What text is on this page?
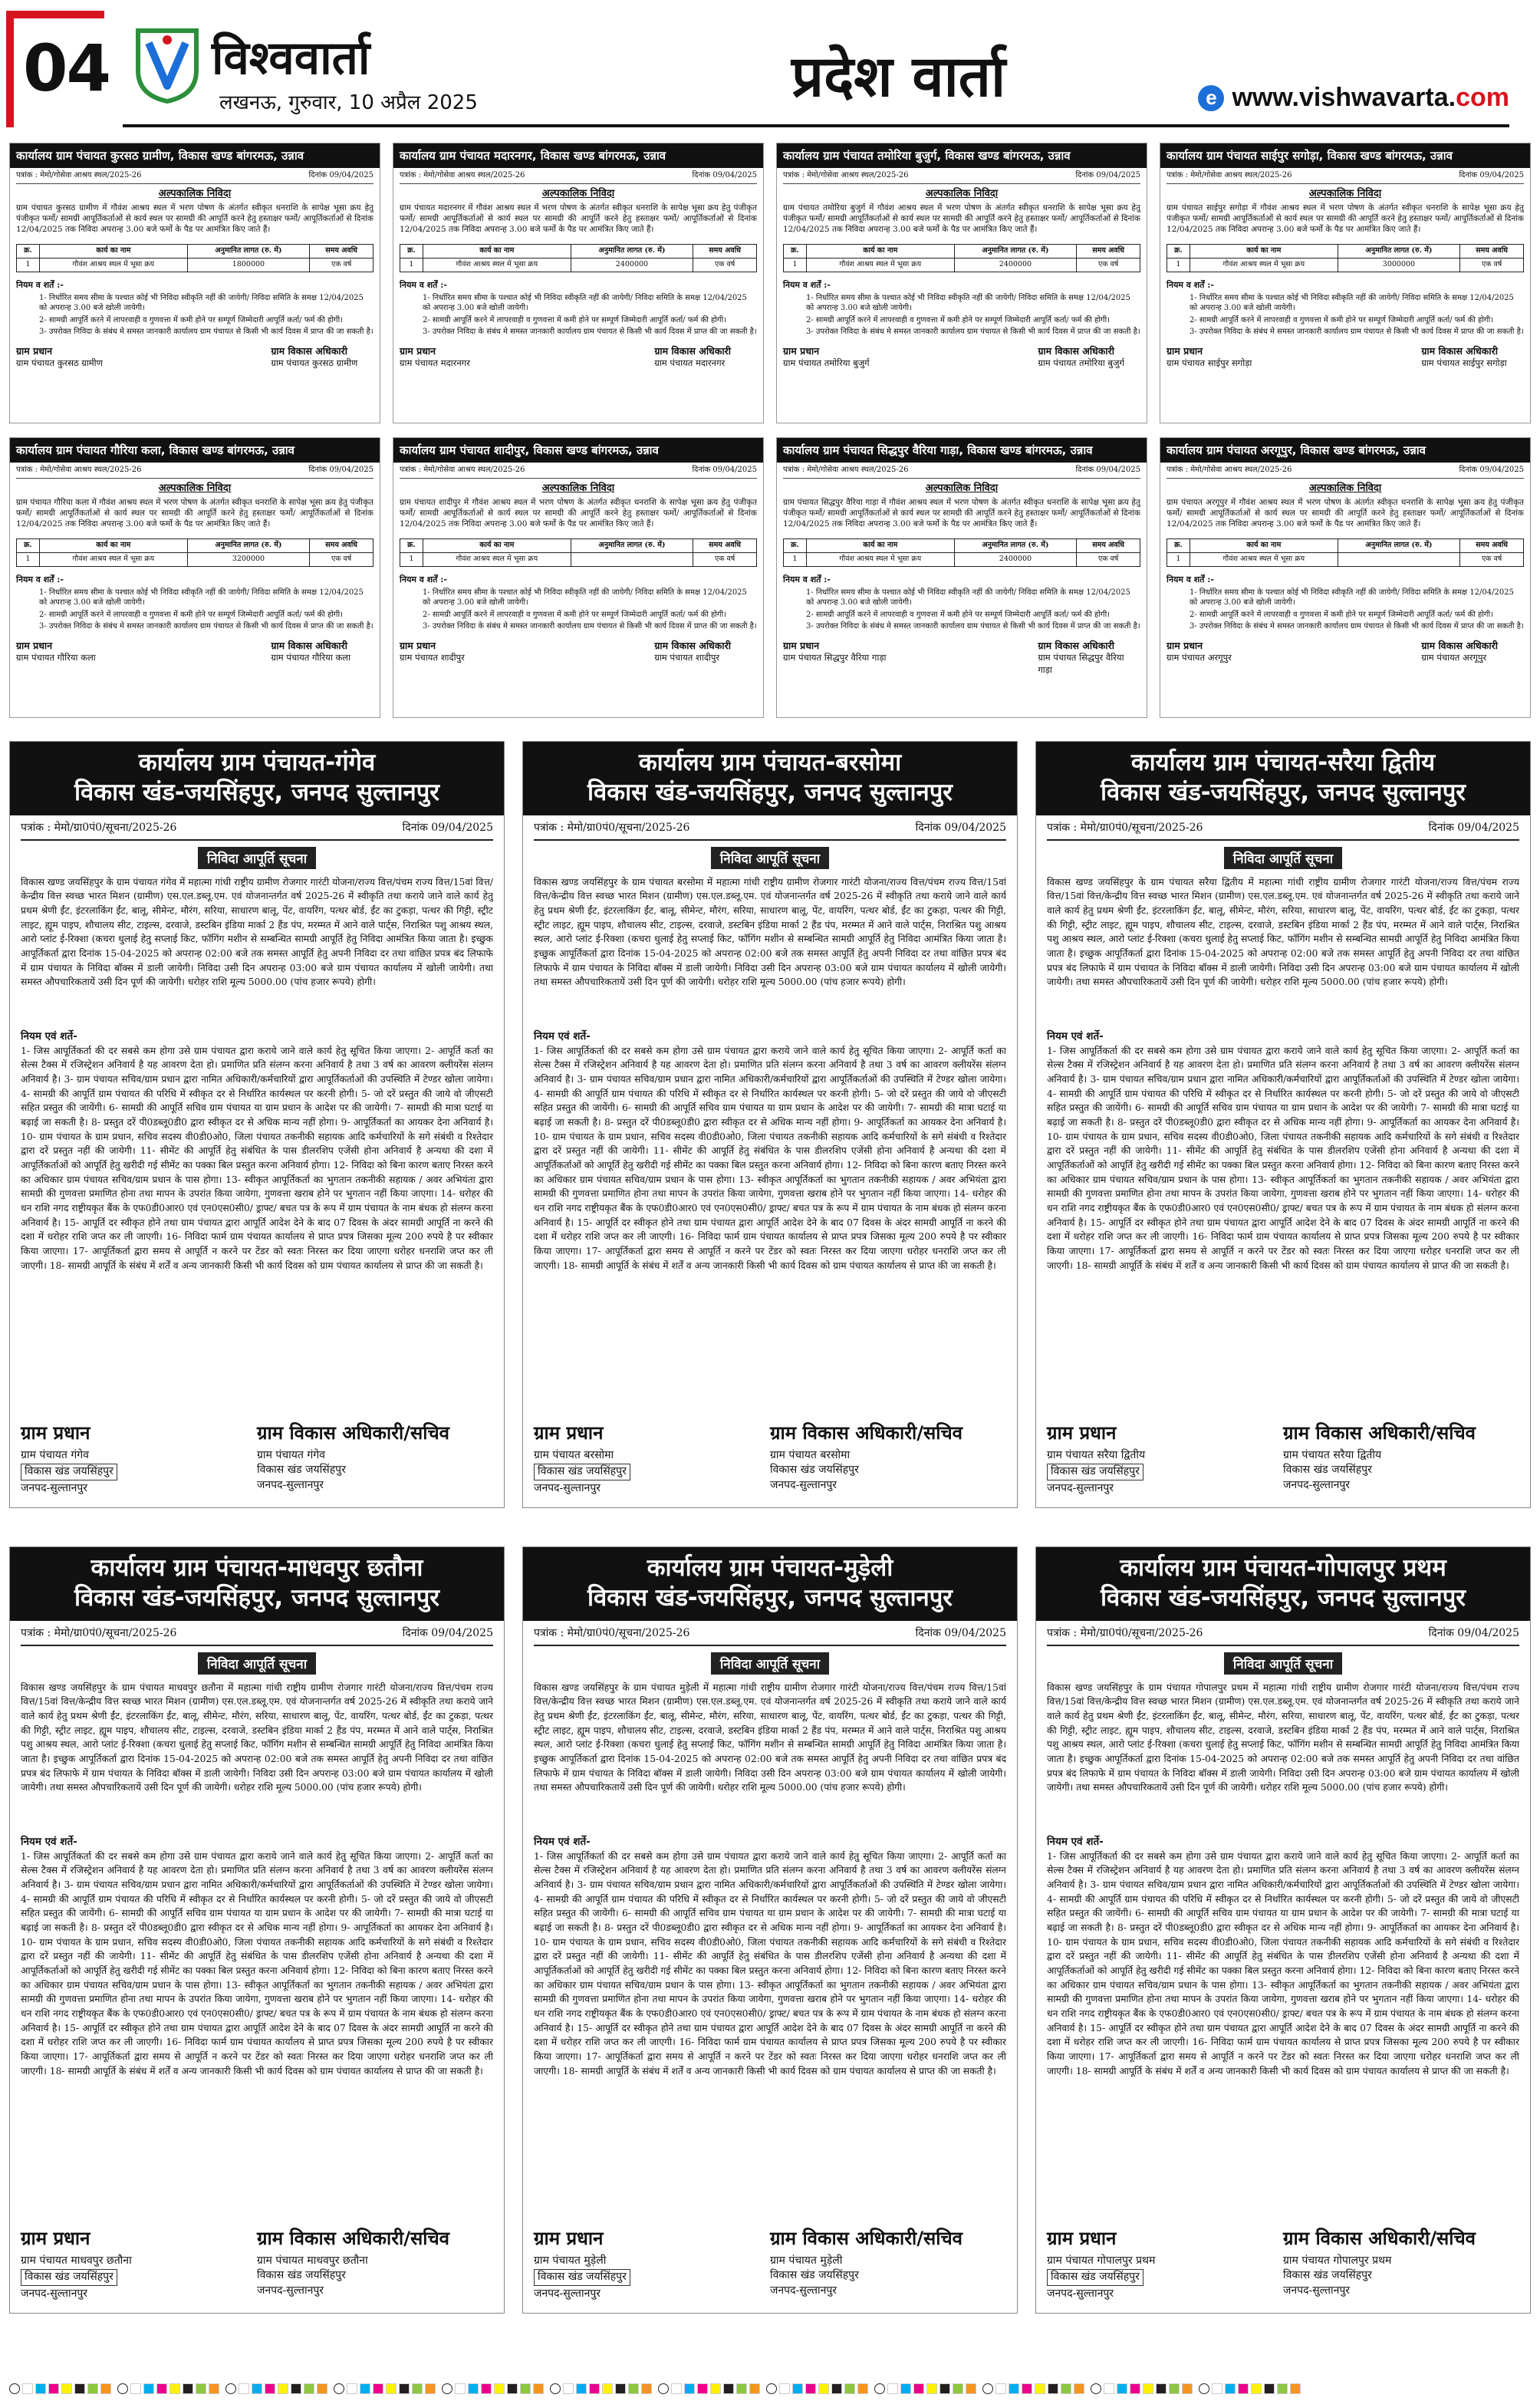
04 विश्ववार्ता
लखनऊ, गुरुवार, 10 अप्रैल 2025	प्रदेश वार्ता	e www.vishwavarta.com
कार्यालय ग्राम पंचायत कुरसठ ग्रामीण, विकास खण्ड बांगरमऊ, उन्नाव
पत्रांक : मेमो/गोसेवा आश्रय स्थल/2025-26	दिनांक 09/04/2025
अल्पकालिक निविदा
ग्राम पंचायत कुरसठ ग्रामीण में गौवंश आश्रय स्थल में भरण पोषण के अंतर्गत स्वीकृत धनराशि के सापेक्ष भूसा क्रय हेतु पंजीकृत फर्मो/ सामग्री आपूर्तिकर्ताओं से कार्य स्थल पर सामग्री की आपूर्ति करने हेतु हस्ताक्षर फर्मो/ आपूर्तिकर्ताओं से दिनांक 12/04/2025 तक निविदा अपरान्ह 3.00 बजे फर्मो के पैड पर आमंत्रित किए जाते हैं।
क्र.	कार्य का नाम	अनुमानित लागत (रु. में)	समय अवधि
1	गौवंश आश्रय स्थल में भूसा क्रय	1800000	एक वर्ष
नियम व शर्तें :-
1- निर्धारित समय सीमा के पश्चात कोई भी निविदा स्वीकृति नहीं की जायेगी/ निविदा समिति के समक्ष 12/04/2025 को अपरान्ह 3.00 बजे खोली जायेगी।
2- सामग्री आपूर्ति करने में लापरवाही व गुणवत्ता में कमी होने पर सम्पूर्ण जिम्मेदारी आपूर्ति कर्ता/ फर्म की होगी।
3- उपरोक्त निविदा के संबंध मे समस्त जानकारी कार्यालय ग्राम पंचायत से किसी भी कार्य दिवस में प्राप्त की जा सकती है।
ग्राम प्रधान
ग्राम पंचायत कुरसठ ग्रामीण
ग्राम विकास अधिकारी
ग्राम पंचायत कुरसठ ग्रामीण
कार्यालय ग्राम पंचायत मदारनगर, विकास खण्ड बांगरमऊ, उन्नाव
पत्रांक : मेमो/गोसेवा आश्रय स्थल/2025-26	दिनांक 09/04/2025
अल्पकालिक निविदा
ग्राम पंचायत मदारनगर में गौवंश आश्रय स्थल में भरण पोषण के अंतर्गत स्वीकृत धनराशि के सापेक्ष भूसा क्रय हेतु पंजीकृत फर्मो/ सामग्री आपूर्तिकर्ताओं से कार्य स्थल पर सामग्री की आपूर्ति करने हेतु हस्ताक्षर फर्मो/ आपूर्तिकर्ताओं से दिनांक 12/04/2025 तक निविदा अपरान्ह 3.00 बजे फर्मो के पैड पर आमंत्रित किए जाते हैं।
क्र.	कार्य का नाम	अनुमानित लागत (रु. में)	समय अवधि
1	गौवंश आश्रय स्थल में भूसा क्रय	2400000	एक वर्ष
नियम व शर्तें :-
1- निर्धारित समय सीमा के पश्चात कोई भी निविदा स्वीकृति नहीं की जायेगी/ निविदा समिति के समक्ष 12/04/2025 को अपरान्ह 3.00 बजे खोली जायेगी।
2- सामग्री आपूर्ति करने में लापरवाही व गुणवत्ता में कमी होने पर सम्पूर्ण जिम्मेदारी आपूर्ति कर्ता/ फर्म की होगी।
3- उपरोक्त निविदा के संबंध मे समस्त जानकारी कार्यालय ग्राम पंचायत से किसी भी कार्य दिवस में प्राप्त की जा सकती है।
ग्राम प्रधान
ग्राम पंचायत मदारनगर
ग्राम विकास अधिकारी
ग्राम पंचायत मदारनगर
कार्यालय ग्राम पंचायत तमोरिया बुजुर्ग, विकास खण्ड बांगरमऊ, उन्नाव
पत्रांक : मेमो/गोसेवा आश्रय स्थल/2025-26	दिनांक 09/04/2025
अल्पकालिक निविदा
ग्राम पंचायत तमोरिया बुजुर्ग में गौवंश आश्रय स्थल में भरण पोषण के अंतर्गत स्वीकृत धनराशि के सापेक्ष भूसा क्रय हेतु पंजीकृत फर्मो/ सामग्री आपूर्तिकर्ताओं से कार्य स्थल पर सामग्री की आपूर्ति करने हेतु हस्ताक्षर फर्मो/ आपूर्तिकर्ताओं से दिनांक 12/04/2025 तक निविदा अपरान्ह 3.00 बजे फर्मो के पैड पर आमंत्रित किए जाते हैं।
क्र.	कार्य का नाम	अनुमानित लागत (रु. में)	समय अवधि
1	गौवंश आश्रय स्थल में भूसा क्रय	2400000	एक वर्ष
नियम व शर्तें :-
1- निर्धारित समय सीमा के पश्चात कोई भी निविदा स्वीकृति नहीं की जायेगी/ निविदा समिति के समक्ष 12/04/2025 को अपरान्ह 3.00 बजे खोली जायेगी।
2- सामग्री आपूर्ति करने में लापरवाही व गुणवत्ता में कमी होने पर सम्पूर्ण जिम्मेदारी आपूर्ति कर्ता/ फर्म की होगी।
3- उपरोक्त निविदा के संबंध मे समस्त जानकारी कार्यालय ग्राम पंचायत से किसी भी कार्य दिवस में प्राप्त की जा सकती है।
ग्राम प्रधान
ग्राम पंचायत तमोरिया बुजुर्ग
ग्राम विकास अधिकारी
ग्राम पंचायत तमोरिया बुजुर्ग
कार्यालय ग्राम पंचायत साईपुर सगोड़ा, विकास खण्ड बांगरमऊ, उन्नाव
पत्रांक : मेमो/गोसेवा आश्रय स्थल/2025-26	दिनांक 09/04/2025
अल्पकालिक निविदा
ग्राम पंचायत साईपुर सगोड़ा में गौवंश आश्रय स्थल में भरण पोषण के अंतर्गत स्वीकृत धनराशि के सापेक्ष भूसा क्रय हेतु पंजीकृत फर्मो/ सामग्री आपूर्तिकर्ताओं से कार्य स्थल पर सामग्री की आपूर्ति करने हेतु हस्ताक्षर फर्मो/ आपूर्तिकर्ताओं से दिनांक 12/04/2025 तक निविदा अपरान्ह 3.00 बजे फर्मो के पैड पर आमंत्रित किए जाते हैं।
क्र.	कार्य का नाम	अनुमानित लागत (रु. में)	समय अवधि
1	गौवंश आश्रय स्थल में भूसा क्रय	3000000	एक वर्ष
नियम व शर्तें :-
1- निर्धारित समय सीमा के पश्चात कोई भी निविदा स्वीकृति नहीं की जायेगी/ निविदा समिति के समक्ष 12/04/2025 को अपरान्ह 3.00 बजे खोली जायेगी।
2- सामग्री आपूर्ति करने में लापरवाही व गुणवत्ता में कमी होने पर सम्पूर्ण जिम्मेदारी आपूर्ति कर्ता/ फर्म की होगी।
3- उपरोक्त निविदा के संबंध मे समस्त जानकारी कार्यालय ग्राम पंचायत से किसी भी कार्य दिवस में प्राप्त की जा सकती है।
ग्राम प्रधान
ग्राम पंचायत साईपुर सगोड़ा
ग्राम विकास अधिकारी
ग्राम पंचायत साईपुर सगोड़ा
कार्यालय ग्राम पंचायत गौरिया कला, विकास खण्ड बांगरमऊ, उन्नाव
पत्रांक : मेमो/गोसेवा आश्रय स्थल/2025-26	दिनांक 09/04/2025
अल्पकालिक निविदा
ग्राम पंचायत गौरिया कला में गौवंश आश्रय स्थल में भरण पोषण के अंतर्गत स्वीकृत धनराशि के सापेक्ष भूसा क्रय हेतु पंजीकृत फर्मो/ सामग्री आपूर्तिकर्ताओं से कार्य स्थल पर सामग्री की आपूर्ति करने हेतु हस्ताक्षर फर्मो/ आपूर्तिकर्ताओं से दिनांक 12/04/2025 तक निविदा अपरान्ह 3.00 बजे फर्मो के पैड पर आमंत्रित किए जाते हैं।
क्र.	कार्य का नाम	अनुमानित लागत (रु. में)	समय अवधि
1	गौवंश आश्रय स्थल में भूसा क्रय	3200000	एक वर्ष
नियम व शर्तें :-
1- निर्धारित समय सीमा के पश्चात कोई भी निविदा स्वीकृति नहीं की जायेगी/ निविदा समिति के समक्ष 12/04/2025 को अपरान्ह 3.00 बजे खोली जायेगी।
2- सामग्री आपूर्ति करने में लापरवाही व गुणवत्ता में कमी होने पर सम्पूर्ण जिम्मेदारी आपूर्ति कर्ता/ फर्म की होगी।
3- उपरोक्त निविदा के संबंध मे समस्त जानकारी कार्यालय ग्राम पंचायत से किसी भी कार्य दिवस में प्राप्त की जा सकती है।
ग्राम प्रधान
ग्राम पंचायत गौरिया कला
ग्राम विकास अधिकारी
ग्राम पंचायत गौरिया कला
कार्यालय ग्राम पंचायत शादीपुर, विकास खण्ड बांगरमऊ, उन्नाव
पत्रांक : मेमो/गोसेवा आश्रय स्थल/2025-26	दिनांक 09/04/2025
अल्पकालिक निविदा
ग्राम पंचायत शादीपुर में गौवंश आश्रय स्थल में भरण पोषण के अंतर्गत स्वीकृत धनराशि के सापेक्ष भूसा क्रय हेतु पंजीकृत फर्मो/ सामग्री आपूर्तिकर्ताओं से कार्य स्थल पर सामग्री की आपूर्ति करने हेतु हस्ताक्षर फर्मो/ आपूर्तिकर्ताओं से दिनांक 12/04/2025 तक निविदा अपरान्ह 3.00 बजे फर्मो के पैड पर आमंत्रित किए जाते हैं।
क्र.	कार्य का नाम	अनुमानित लागत (रु. में)	समय अवधि
1	गौवंश आश्रय स्थल में भूसा क्रय		एक वर्ष
नियम व शर्तें :-
1- निर्धारित समय सीमा के पश्चात कोई भी निविदा स्वीकृति नहीं की जायेगी/ निविदा समिति के समक्ष 12/04/2025 को अपरान्ह 3.00 बजे खोली जायेगी।
2- सामग्री आपूर्ति करने में लापरवाही व गुणवत्ता में कमी होने पर सम्पूर्ण जिम्मेदारी आपूर्ति कर्ता/ फर्म की होगी।
3- उपरोक्त निविदा के संबंध मे समस्त जानकारी कार्यालय ग्राम पंचायत से किसी भी कार्य दिवस में प्राप्त की जा सकती है।
ग्राम प्रधान
ग्राम पंचायत शादीपुर
ग्राम विकास अधिकारी
ग्राम पंचायत शादीपुर
कार्यालय ग्राम पंचायत सिद्धपुर वैरिया गाड़ा, विकास खण्ड बांगरमऊ, उन्नाव
पत्रांक : मेमो/गोसेवा आश्रय स्थल/2025-26	दिनांक 09/04/2025
अल्पकालिक निविदा
ग्राम पंचायत सिद्धपुर वैरिया गाड़ा में गौवंश आश्रय स्थल में भरण पोषण के अंतर्गत स्वीकृत धनराशि के सापेक्ष भूसा क्रय हेतु पंजीकृत फर्मो/ सामग्री आपूर्तिकर्ताओं से कार्य स्थल पर सामग्री की आपूर्ति करने हेतु हस्ताक्षर फर्मो/ आपूर्तिकर्ताओं से दिनांक 12/04/2025 तक निविदा अपरान्ह 3.00 बजे फर्मो के पैड पर आमंत्रित किए जाते हैं।
क्र.	कार्य का नाम	अनुमानित लागत (रु. में)	समय अवधि
1	गौवंश आश्रय स्थल में भूसा क्रय	2400000	एक वर्ष
नियम व शर्तें :-
1- निर्धारित समय सीमा के पश्चात कोई भी निविदा स्वीकृति नहीं की जायेगी/ निविदा समिति के समक्ष 12/04/2025 को अपरान्ह 3.00 बजे खोली जायेगी।
2- सामग्री आपूर्ति करने में लापरवाही व गुणवत्ता में कमी होने पर सम्पूर्ण जिम्मेदारी आपूर्ति कर्ता/ फर्म की होगी।
3- उपरोक्त निविदा के संबंध मे समस्त जानकारी कार्यालय ग्राम पंचायत से किसी भी कार्य दिवस में प्राप्त की जा सकती है।
ग्राम प्रधान
ग्राम पंचायत सिद्धपुर वैरिया गाड़ा
ग्राम विकास अधिकारी
ग्राम पंचायत सिद्धपुर वैरिया गाड़ा
कार्यालय ग्राम पंचायत अरगूपुर, विकास खण्ड बांगरमऊ, उन्नाव
पत्रांक : मेमो/गोसेवा आश्रय स्थल/2025-26	दिनांक 09/04/2025
अल्पकालिक निविदा
ग्राम पंचायत अरगूपुर में गौवंश आश्रय स्थल में भरण पोषण के अंतर्गत स्वीकृत धनराशि के सापेक्ष भूसा क्रय हेतु पंजीकृत फर्मो/ सामग्री आपूर्तिकर्ताओं से कार्य स्थल पर सामग्री की आपूर्ति करने हेतु हस्ताक्षर फर्मो/ आपूर्तिकर्ताओं से दिनांक 12/04/2025 तक निविदा अपरान्ह 3.00 बजे फर्मो के पैड पर आमंत्रित किए जाते हैं।
क्र.	कार्य का नाम	अनुमानित लागत (रु. में)	समय अवधि
1	गौवंश आश्रय स्थल में भूसा क्रय		एक वर्ष
नियम व शर्तें :-
1- निर्धारित समय सीमा के पश्चात कोई भी निविदा स्वीकृति नहीं की जायेगी/ निविदा समिति के समक्ष 12/04/2025 को अपरान्ह 3.00 बजे खोली जायेगी।
2- सामग्री आपूर्ति करने में लापरवाही व गुणवत्ता में कमी होने पर सम्पूर्ण जिम्मेदारी आपूर्ति कर्ता/ फर्म की होगी।
3- उपरोक्त निविदा के संबंध मे समस्त जानकारी कार्यालय ग्राम पंचायत से किसी भी कार्य दिवस में प्राप्त की जा सकती है।
ग्राम प्रधान
ग्राम पंचायत अरगूपुर
ग्राम विकास अधिकारी
ग्राम पंचायत अरगूपुर
कार्यालय ग्राम पंचायत-गंगेव
विकास खंड-जयसिंहपुर, जनपद सुल्तानपुर
पत्रांक : मेमो/ग्रा0पं0/सूचना/2025-26	दिनांक 09/04/2025
निविदा आपूर्ति सूचना
विकास खण्ड जयसिंहपुर के ग्राम पंचायत गंगेव में महात्मा गांधी राष्ट्रीय ग्रामीण रोजगार गारंटी योजना/राज्य वित्त/पंचम राज्य वित्त/15वां वित्त/केन्द्रीय वित्त स्वच्छ भारत मिशन (ग्रामीण) एस.एल.डब्लू.एम. एवं योजनान्तर्गत वर्ष 2025-26 में स्वीकृति तथा कराये जाने वाले कार्य हेतु प्रथम श्रेणी ईंट, इंटरलाकिंग ईंट, बालू, सीमेन्ट, मौरंग, सरिया, साधारण बालू, पेंट, वायरिंग, पत्थर बोर्ड, ईंट का टुकड़ा, पत्थर की गिट्टी, स्ट्रीट लाइट, ह्यूम पाइप, शौचालय सीट, टाइल्स, दरवाजे, डस्टबिन इंडिया मार्का 2 हैंड पंप, मरम्मत में आने वाले पार्ट्स, निराश्रित पशु आश्रय स्थल, आरो प्लांट ई-रिक्शा (कचरा धुलाई हेतु सप्लाई किट, फॉगिंग मशीन से सम्बन्धित सामग्री आपूर्ति हेतु निविदा आमंत्रित किया जाता है। इच्छुक आपूर्तिकर्ता द्वारा दिनांक 15-04-2025 को अपरान्ह 02:00 बजे तक समस्त आपूर्ति हेतु अपनी निविदा दर तथा वांछित प्रपत्र बंद लिफाफे में ग्राम पंचायत के निविदा बॉक्स में डाली जायेगी। निविदा उसी दिन अपरान्ह 03:00 बजे ग्राम पंचायत कार्यालय में खोली जायेगी। तथा समस्त औपचारिकतायें उसी दिन पूर्ण की जायेगी। धरोहर राशि मूल्य 5000.00 (पांच हजार रूपये) होगी।
नियम एवं शर्ते-
1- जिस आपूर्तिकर्ता की दर सबसे कम होगा उसे ग्राम पंचायत द्वारा कराये जाने वाले कार्य हेतु सूचित किया जाएगा। 2- आपूर्ति कर्ता का सेल्स टैक्स में रजिस्ट्रेशन अनिवार्य है यह आवरण देता हो। प्रमाणित प्रति संलग्न करना अनिवार्य है तथा 3 वर्ष का आवरण क्लीयरेंस संलग्न अनिवार्य है। 3- ग्राम पंचायत सचिव/ग्राम प्रधान द्वारा नामित अधिकारी/कर्मचारियों द्वारा आपूर्तिकर्ताओं की उपस्थिति में टेण्डर खोला जायेगा। 4- सामग्री की आपूर्ति ग्राम पंचायत की परिधि में स्वीकृत दर से निर्धारित कार्यस्थल पर करनी होगी। 5- जो दरें प्रस्तुत की जाये वो जीएसटी सहित प्रस्तुत की जायेंगी। 6- सामग्री की आपूर्ति सचिव ग्राम पंचायत या ग्राम प्रधान के आदेश पर की जायेगी। 7- सामग्री की मात्रा घटाई या बढ़ाई जा सकती है। 8- प्रस्तुत दरें पी0डब्लू0डी0 द्वारा स्वीकृत दर से अधिक मान्य नहीं होगा। 9- आपूर्तिकर्ता का आयकर देना अनिवार्य है। 10- ग्राम पंचायत के ग्राम प्रधान, सचिव सदस्य वी0डी0ओ0, जिला पंचायत तकनीकी सहायक आदि कर्मचारियों के सगे संबंधी व रिश्तेदार द्वारा दरें प्रस्तुत नहीं की जायेगी। 11- सीमेंट की आपूर्ति हेतु संबंधित के पास डीलरशिप एजेंसी होना अनिवार्य है अन्यथा की दशा में आपूर्तिकर्ताओं को आपूर्ति हेतु खरीदी गई सीमेंट का पक्का बिल प्रस्तुत करना अनिवार्य होगा। 12- निविदा को बिना कारण बताए निरस्त करने का अधिकार ग्राम पंचायत सचिव/ग्राम प्रधान के पास होगा। 13- स्वीकृत आपूर्तिकर्ता का भुगतान तकनीकी सहायक / अवर अभियंता द्वारा सामग्री की गुणवत्ता प्रमाणित होना तथा मापन के उपरांत किया जायेगा, गुणवत्ता खराब होने पर भुगतान नहीं किया जाएगा। 14- धरोहर की धन राशि नगद राष्ट्रीयकृत बैंक के एफ0डी0आर0 एवं एन0एस0सी0/ ड्राफ्ट/ बचत पत्र के रूप में ग्राम पंचायत के नाम बंधक हो संलग्न करना अनिवार्य है। 15- आपूर्ति दर स्वीकृत होने तथा ग्राम पंचायत द्वारा आपूर्ति आदेश देने के बाद 07 दिवस के अंदर सामग्री आपूर्ति ना करने की दशा में धरोहर राशि जप्त कर ली जाएगी। 16- निविदा फार्म ग्राम पंचायत कार्यालय से प्राप्त प्रपत्र जिसका मूल्य 200 रुपये है पर स्वीकार किया जाएगा। 17- आपूर्तिकर्ता द्वारा समय से आपूर्ति न करने पर टेंडर को स्वतः निरस्त कर दिया जाएगा धरोहर धनराशि जप्त कर ली जाएगी। 18- सामग्री आपूर्ति के संबंध में शर्तें व अन्य जानकारी किसी भी कार्य दिवस को ग्राम पंचायत कार्यालय से प्राप्त की जा सकती है।
ग्राम प्रधान
ग्राम पंचायत गंगेव
विकास खंड जयसिंहपुर
जनपद-सुल्तानपुर
ग्राम विकास अधिकारी/सचिव
ग्राम पंचायत गंगेव
विकास खंड जयसिंहपुर
जनपद-सुल्तानपुर
कार्यालय ग्राम पंचायत-बरसोमा
विकास खंड-जयसिंहपुर, जनपद सुल्तानपुर
पत्रांक : मेमो/ग्रा0पं0/सूचना/2025-26	दिनांक 09/04/2025
निविदा आपूर्ति सूचना
विकास खण्ड जयसिंहपुर के ग्राम पंचायत बरसोमा में महात्मा गांधी राष्ट्रीय ग्रामीण रोजगार गारंटी योजना/राज्य वित्त/पंचम राज्य वित्त/15वां वित्त/केन्द्रीय वित्त स्वच्छ भारत मिशन (ग्रामीण) एस.एल.डब्लू.एम. एवं योजनान्तर्गत वर्ष 2025-26 में स्वीकृति तथा कराये जाने वाले कार्य हेतु प्रथम श्रेणी ईंट, इंटरलाकिंग ईंट, बालू, सीमेन्ट, मौरंग, सरिया, साधारण बालू, पेंट, वायरिंग, पत्थर बोर्ड, ईंट का टुकड़ा, पत्थर की गिट्टी, स्ट्रीट लाइट, ह्यूम पाइप, शौचालय सीट, टाइल्स, दरवाजे, डस्टबिन इंडिया मार्का 2 हैंड पंप, मरम्मत में आने वाले पार्ट्स, निराश्रित पशु आश्रय स्थल, आरो प्लांट ई-रिक्शा (कचरा धुलाई हेतु सप्लाई किट, फॉगिंग मशीन से सम्बन्धित सामग्री आपूर्ति हेतु निविदा आमंत्रित किया जाता है। इच्छुक आपूर्तिकर्ता द्वारा दिनांक 15-04-2025 को अपरान्ह 02:00 बजे तक समस्त आपूर्ति हेतु अपनी निविदा दर तथा वांछित प्रपत्र बंद लिफाफे में ग्राम पंचायत के निविदा बॉक्स में डाली जायेगी। निविदा उसी दिन अपरान्ह 03:00 बजे ग्राम पंचायत कार्यालय में खोली जायेगी। तथा समस्त औपचारिकतायें उसी दिन पूर्ण की जायेगी। धरोहर राशि मूल्य 5000.00 (पांच हजार रूपये) होगी।
नियम एवं शर्ते-
1- जिस आपूर्तिकर्ता की दर सबसे कम होगा उसे ग्राम पंचायत द्वारा कराये जाने वाले कार्य हेतु सूचित किया जाएगा। 2- आपूर्ति कर्ता का सेल्स टैक्स में रजिस्ट्रेशन अनिवार्य है यह आवरण देता हो। प्रमाणित प्रति संलग्न करना अनिवार्य है तथा 3 वर्ष का आवरण क्लीयरेंस संलग्न अनिवार्य है। 3- ग्राम पंचायत सचिव/ग्राम प्रधान द्वारा नामित अधिकारी/कर्मचारियों द्वारा आपूर्तिकर्ताओं की उपस्थिति में टेण्डर खोला जायेगा। 4- सामग्री की आपूर्ति ग्राम पंचायत की परिधि में स्वीकृत दर से निर्धारित कार्यस्थल पर करनी होगी। 5- जो दरें प्रस्तुत की जाये वो जीएसटी सहित प्रस्तुत की जायेंगी। 6- सामग्री की आपूर्ति सचिव ग्राम पंचायत या ग्राम प्रधान के आदेश पर की जायेगी। 7- सामग्री की मात्रा घटाई या बढ़ाई जा सकती है। 8- प्रस्तुत दरें पी0डब्लू0डी0 द्वारा स्वीकृत दर से अधिक मान्य नहीं होगा। 9- आपूर्तिकर्ता का आयकर देना अनिवार्य है। 10- ग्राम पंचायत के ग्राम प्रधान, सचिव सदस्य वी0डी0ओ0, जिला पंचायत तकनीकी सहायक आदि कर्मचारियों के सगे संबंधी व रिश्तेदार द्वारा दरें प्रस्तुत नहीं की जायेगी। 11- सीमेंट की आपूर्ति हेतु संबंधित के पास डीलरशिप एजेंसी होना अनिवार्य है अन्यथा की दशा में आपूर्तिकर्ताओं को आपूर्ति हेतु खरीदी गई सीमेंट का पक्का बिल प्रस्तुत करना अनिवार्य होगा। 12- निविदा को बिना कारण बताए निरस्त करने का अधिकार ग्राम पंचायत सचिव/ग्राम प्रधान के पास होगा। 13- स्वीकृत आपूर्तिकर्ता का भुगतान तकनीकी सहायक / अवर अभियंता द्वारा सामग्री की गुणवत्ता प्रमाणित होना तथा मापन के उपरांत किया जायेगा, गुणवत्ता खराब होने पर भुगतान नहीं किया जाएगा। 14- धरोहर की धन राशि नगद राष्ट्रीयकृत बैंक के एफ0डी0आर0 एवं एन0एस0सी0/ ड्राफ्ट/ बचत पत्र के रूप में ग्राम पंचायत के नाम बंधक हो संलग्न करना अनिवार्य है। 15- आपूर्ति दर स्वीकृत होने तथा ग्राम पंचायत द्वारा आपूर्ति आदेश देने के बाद 07 दिवस के अंदर सामग्री आपूर्ति ना करने की दशा में धरोहर राशि जप्त कर ली जाएगी। 16- निविदा फार्म ग्राम पंचायत कार्यालय से प्राप्त प्रपत्र जिसका मूल्य 200 रुपये है पर स्वीकार किया जाएगा। 17- आपूर्तिकर्ता द्वारा समय से आपूर्ति न करने पर टेंडर को स्वतः निरस्त कर दिया जाएगा धरोहर धनराशि जप्त कर ली जाएगी। 18- सामग्री आपूर्ति के संबंध में शर्तें व अन्य जानकारी किसी भी कार्य दिवस को ग्राम पंचायत कार्यालय से प्राप्त की जा सकती है।
ग्राम प्रधान
ग्राम पंचायत बरसोमा
विकास खंड जयसिंहपुर
जनपद-सुल्तानपुर
ग्राम विकास अधिकारी/सचिव
ग्राम पंचायत बरसोमा
विकास खंड जयसिंहपुर
जनपद-सुल्तानपुर
कार्यालय ग्राम पंचायत-सरैया द्वितीय
विकास खंड-जयसिंहपुर, जनपद सुल्तानपुर
पत्रांक : मेमो/ग्रा0पं0/सूचना/2025-26	दिनांक 09/04/2025
निविदा आपूर्ति सूचना
विकास खण्ड जयसिंहपुर के ग्राम पंचायत सरैया द्वितीय में महात्मा गांधी राष्ट्रीय ग्रामीण रोजगार गारंटी योजना/राज्य वित्त/पंचम राज्य वित्त/15वां वित्त/केन्द्रीय वित्त स्वच्छ भारत मिशन (ग्रामीण) एस.एल.डब्लू.एम. एवं योजनान्तर्गत वर्ष 2025-26 में स्वीकृति तथा कराये जाने वाले कार्य हेतु प्रथम श्रेणी ईंट, इंटरलाकिंग ईंट, बालू, सीमेन्ट, मौरंग, सरिया, साधारण बालू, पेंट, वायरिंग, पत्थर बोर्ड, ईंट का टुकड़ा, पत्थर की गिट्टी, स्ट्रीट लाइट, ह्यूम पाइप, शौचालय सीट, टाइल्स, दरवाजे, डस्टबिन इंडिया मार्का 2 हैंड पंप, मरम्मत में आने वाले पार्ट्स, निराश्रित पशु आश्रय स्थल, आरो प्लांट ई-रिक्शा (कचरा धुलाई हेतु सप्लाई किट, फॉगिंग मशीन से सम्बन्धित सामग्री आपूर्ति हेतु निविदा आमंत्रित किया जाता है। इच्छुक आपूर्तिकर्ता द्वारा दिनांक 15-04-2025 को अपरान्ह 02:00 बजे तक समस्त आपूर्ति हेतु अपनी निविदा दर तथा वांछित प्रपत्र बंद लिफाफे में ग्राम पंचायत के निविदा बॉक्स में डाली जायेगी। निविदा उसी दिन अपरान्ह 03:00 बजे ग्राम पंचायत कार्यालय में खोली जायेगी। तथा समस्त औपचारिकतायें उसी दिन पूर्ण की जायेगी। धरोहर राशि मूल्य 5000.00 (पांच हजार रूपये) होगी।
नियम एवं शर्ते-
1- जिस आपूर्तिकर्ता की दर सबसे कम होगा उसे ग्राम पंचायत द्वारा कराये जाने वाले कार्य हेतु सूचित किया जाएगा। 2- आपूर्ति कर्ता का सेल्स टैक्स में रजिस्ट्रेशन अनिवार्य है यह आवरण देता हो। प्रमाणित प्रति संलग्न करना अनिवार्य है तथा 3 वर्ष का आवरण क्लीयरेंस संलग्न अनिवार्य है। 3- ग्राम पंचायत सचिव/ग्राम प्रधान द्वारा नामित अधिकारी/कर्मचारियों द्वारा आपूर्तिकर्ताओं की उपस्थिति में टेण्डर खोला जायेगा। 4- सामग्री की आपूर्ति ग्राम पंचायत की परिधि में स्वीकृत दर से निर्धारित कार्यस्थल पर करनी होगी। 5- जो दरें प्रस्तुत की जाये वो जीएसटी सहित प्रस्तुत की जायेंगी। 6- सामग्री की आपूर्ति सचिव ग्राम पंचायत या ग्राम प्रधान के आदेश पर की जायेगी। 7- सामग्री की मात्रा घटाई या बढ़ाई जा सकती है। 8- प्रस्तुत दरें पी0डब्लू0डी0 द्वारा स्वीकृत दर से अधिक मान्य नहीं होगा। 9- आपूर्तिकर्ता का आयकर देना अनिवार्य है। 10- ग्राम पंचायत के ग्राम प्रधान, सचिव सदस्य वी0डी0ओ0, जिला पंचायत तकनीकी सहायक आदि कर्मचारियों के सगे संबंधी व रिश्तेदार द्वारा दरें प्रस्तुत नहीं की जायेगी। 11- सीमेंट की आपूर्ति हेतु संबंधित के पास डीलरशिप एजेंसी होना अनिवार्य है अन्यथा की दशा में आपूर्तिकर्ताओं को आपूर्ति हेतु खरीदी गई सीमेंट का पक्का बिल प्रस्तुत करना अनिवार्य होगा। 12- निविदा को बिना कारण बताए निरस्त करने का अधिकार ग्राम पंचायत सचिव/ग्राम प्रधान के पास होगा। 13- स्वीकृत आपूर्तिकर्ता का भुगतान तकनीकी सहायक / अवर अभियंता द्वारा सामग्री की गुणवत्ता प्रमाणित होना तथा मापन के उपरांत किया जायेगा, गुणवत्ता खराब होने पर भुगतान नहीं किया जाएगा। 14- धरोहर की धन राशि नगद राष्ट्रीयकृत बैंक के एफ0डी0आर0 एवं एन0एस0सी0/ ड्राफ्ट/ बचत पत्र के रूप में ग्राम पंचायत के नाम बंधक हो संलग्न करना अनिवार्य है। 15- आपूर्ति दर स्वीकृत होने तथा ग्राम पंचायत द्वारा आपूर्ति आदेश देने के बाद 07 दिवस के अंदर सामग्री आपूर्ति ना करने की दशा में धरोहर राशि जप्त कर ली जाएगी। 16- निविदा फार्म ग्राम पंचायत कार्यालय से प्राप्त प्रपत्र जिसका मूल्य 200 रुपये है पर स्वीकार किया जाएगा। 17- आपूर्तिकर्ता द्वारा समय से आपूर्ति न करने पर टेंडर को स्वतः निरस्त कर दिया जाएगा धरोहर धनराशि जप्त कर ली जाएगी। 18- सामग्री आपूर्ति के संबंध में शर्तें व अन्य जानकारी किसी भी कार्य दिवस को ग्राम पंचायत कार्यालय से प्राप्त की जा सकती है।
ग्राम प्रधान
ग्राम पंचायत सरैया द्वितीय
विकास खंड जयसिंहपुर
जनपद-सुल्तानपुर
ग्राम विकास अधिकारी/सचिव
ग्राम पंचायत सरैया द्वितीय
विकास खंड जयसिंहपुर
जनपद-सुल्तानपुर
कार्यालय ग्राम पंचायत-माधवपुर छतौना
विकास खंड-जयसिंहपुर, जनपद सुल्तानपुर
पत्रांक : मेमो/ग्रा0पं0/सूचना/2025-26	दिनांक 09/04/2025
निविदा आपूर्ति सूचना
विकास खण्ड जयसिंहपुर के ग्राम पंचायत माधवपुर छतौना में महात्मा गांधी राष्ट्रीय ग्रामीण रोजगार गारंटी योजना/राज्य वित्त/पंचम राज्य वित्त/15वां वित्त/केन्द्रीय वित्त स्वच्छ भारत मिशन (ग्रामीण) एस.एल.डब्लू.एम. एवं योजनान्तर्गत वर्ष 2025-26 में स्वीकृति तथा कराये जाने वाले कार्य हेतु प्रथम श्रेणी ईंट, इंटरलाकिंग ईंट, बालू, सीमेन्ट, मौरंग, सरिया, साधारण बालू, पेंट, वायरिंग, पत्थर बोर्ड, ईंट का टुकड़ा, पत्थर की गिट्टी, स्ट्रीट लाइट, ह्यूम पाइप, शौचालय सीट, टाइल्स, दरवाजे, डस्टबिन इंडिया मार्का 2 हैंड पंप, मरम्मत में आने वाले पार्ट्स, निराश्रित पशु आश्रय स्थल, आरो प्लांट ई-रिक्शा (कचरा धुलाई हेतु सप्लाई किट, फॉगिंग मशीन से सम्बन्धित सामग्री आपूर्ति हेतु निविदा आमंत्रित किया जाता है। इच्छुक आपूर्तिकर्ता द्वारा दिनांक 15-04-2025 को अपरान्ह 02:00 बजे तक समस्त आपूर्ति हेतु अपनी निविदा दर तथा वांछित प्रपत्र बंद लिफाफे में ग्राम पंचायत के निविदा बॉक्स में डाली जायेगी। निविदा उसी दिन अपरान्ह 03:00 बजे ग्राम पंचायत कार्यालय में खोली जायेगी। तथा समस्त औपचारिकतायें उसी दिन पूर्ण की जायेगी। धरोहर राशि मूल्य 5000.00 (पांच हजार रूपये) होगी।
नियम एवं शर्ते-
1- जिस आपूर्तिकर्ता की दर सबसे कम होगा उसे ग्राम पंचायत द्वारा कराये जाने वाले कार्य हेतु सूचित किया जाएगा। 2- आपूर्ति कर्ता का सेल्स टैक्स में रजिस्ट्रेशन अनिवार्य है यह आवरण देता हो। प्रमाणित प्रति संलग्न करना अनिवार्य है तथा 3 वर्ष का आवरण क्लीयरेंस संलग्न अनिवार्य है। 3- ग्राम पंचायत सचिव/ग्राम प्रधान द्वारा नामित अधिकारी/कर्मचारियों द्वारा आपूर्तिकर्ताओं की उपस्थिति में टेण्डर खोला जायेगा। 4- सामग्री की आपूर्ति ग्राम पंचायत की परिधि में स्वीकृत दर से निर्धारित कार्यस्थल पर करनी होगी। 5- जो दरें प्रस्तुत की जाये वो जीएसटी सहित प्रस्तुत की जायेंगी। 6- सामग्री की आपूर्ति सचिव ग्राम पंचायत या ग्राम प्रधान के आदेश पर की जायेगी। 7- सामग्री की मात्रा घटाई या बढ़ाई जा सकती है। 8- प्रस्तुत दरें पी0डब्लू0डी0 द्वारा स्वीकृत दर से अधिक मान्य नहीं होगा। 9- आपूर्तिकर्ता का आयकर देना अनिवार्य है। 10- ग्राम पंचायत के ग्राम प्रधान, सचिव सदस्य वी0डी0ओ0, जिला पंचायत तकनीकी सहायक आदि कर्मचारियों के सगे संबंधी व रिश्तेदार द्वारा दरें प्रस्तुत नहीं की जायेगी। 11- सीमेंट की आपूर्ति हेतु संबंधित के पास डीलरशिप एजेंसी होना अनिवार्य है अन्यथा की दशा में आपूर्तिकर्ताओं को आपूर्ति हेतु खरीदी गई सीमेंट का पक्का बिल प्रस्तुत करना अनिवार्य होगा। 12- निविदा को बिना कारण बताए निरस्त करने का अधिकार ग्राम पंचायत सचिव/ग्राम प्रधान के पास होगा। 13- स्वीकृत आपूर्तिकर्ता का भुगतान तकनीकी सहायक / अवर अभियंता द्वारा सामग्री की गुणवत्ता प्रमाणित होना तथा मापन के उपरांत किया जायेगा, गुणवत्ता खराब होने पर भुगतान नहीं किया जाएगा। 14- धरोहर की धन राशि नगद राष्ट्रीयकृत बैंक के एफ0डी0आर0 एवं एन0एस0सी0/ ड्राफ्ट/ बचत पत्र के रूप में ग्राम पंचायत के नाम बंधक हो संलग्न करना अनिवार्य है। 15- आपूर्ति दर स्वीकृत होने तथा ग्राम पंचायत द्वारा आपूर्ति आदेश देने के बाद 07 दिवस के अंदर सामग्री आपूर्ति ना करने की दशा में धरोहर राशि जप्त कर ली जाएगी। 16- निविदा फार्म ग्राम पंचायत कार्यालय से प्राप्त प्रपत्र जिसका मूल्य 200 रुपये है पर स्वीकार किया जाएगा। 17- आपूर्तिकर्ता द्वारा समय से आपूर्ति न करने पर टेंडर को स्वतः निरस्त कर दिया जाएगा धरोहर धनराशि जप्त कर ली जाएगी। 18- सामग्री आपूर्ति के संबंध में शर्तें व अन्य जानकारी किसी भी कार्य दिवस को ग्राम पंचायत कार्यालय से प्राप्त की जा सकती है।
ग्राम प्रधान
ग्राम पंचायत माधवपुर छतौना
विकास खंड जयसिंहपुर
जनपद-सुल्तानपुर
ग्राम विकास अधिकारी/सचिव
ग्राम पंचायत माधवपुर छतौना
विकास खंड जयसिंहपुर
जनपद-सुल्तानपुर
कार्यालय ग्राम पंचायत-मुड़ेली
विकास खंड-जयसिंहपुर, जनपद सुल्तानपुर
पत्रांक : मेमो/ग्रा0पं0/सूचना/2025-26	दिनांक 09/04/2025
निविदा आपूर्ति सूचना
विकास खण्ड जयसिंहपुर के ग्राम पंचायत मुड़ेली में महात्मा गांधी राष्ट्रीय ग्रामीण रोजगार गारंटी योजना/राज्य वित्त/पंचम राज्य वित्त/15वां वित्त/केन्द्रीय वित्त स्वच्छ भारत मिशन (ग्रामीण) एस.एल.डब्लू.एम. एवं योजनान्तर्गत वर्ष 2025-26 में स्वीकृति तथा कराये जाने वाले कार्य हेतु प्रथम श्रेणी ईंट, इंटरलाकिंग ईंट, बालू, सीमेन्ट, मौरंग, सरिया, साधारण बालू, पेंट, वायरिंग, पत्थर बोर्ड, ईंट का टुकड़ा, पत्थर की गिट्टी, स्ट्रीट लाइट, ह्यूम पाइप, शौचालय सीट, टाइल्स, दरवाजे, डस्टबिन इंडिया मार्का 2 हैंड पंप, मरम्मत में आने वाले पार्ट्स, निराश्रित पशु आश्रय स्थल, आरो प्लांट ई-रिक्शा (कचरा धुलाई हेतु सप्लाई किट, फॉगिंग मशीन से सम्बन्धित सामग्री आपूर्ति हेतु निविदा आमंत्रित किया जाता है। इच्छुक आपूर्तिकर्ता द्वारा दिनांक 15-04-2025 को अपरान्ह 02:00 बजे तक समस्त आपूर्ति हेतु अपनी निविदा दर तथा वांछित प्रपत्र बंद लिफाफे में ग्राम पंचायत के निविदा बॉक्स में डाली जायेगी। निविदा उसी दिन अपरान्ह 03:00 बजे ग्राम पंचायत कार्यालय में खोली जायेगी। तथा समस्त औपचारिकतायें उसी दिन पूर्ण की जायेगी। धरोहर राशि मूल्य 5000.00 (पांच हजार रूपये) होगी।
नियम एवं शर्ते-
1- जिस आपूर्तिकर्ता की दर सबसे कम होगा उसे ग्राम पंचायत द्वारा कराये जाने वाले कार्य हेतु सूचित किया जाएगा। 2- आपूर्ति कर्ता का सेल्स टैक्स में रजिस्ट्रेशन अनिवार्य है यह आवरण देता हो। प्रमाणित प्रति संलग्न करना अनिवार्य है तथा 3 वर्ष का आवरण क्लीयरेंस संलग्न अनिवार्य है। 3- ग्राम पंचायत सचिव/ग्राम प्रधान द्वारा नामित अधिकारी/कर्मचारियों द्वारा आपूर्तिकर्ताओं की उपस्थिति में टेण्डर खोला जायेगा। 4- सामग्री की आपूर्ति ग्राम पंचायत की परिधि में स्वीकृत दर से निर्धारित कार्यस्थल पर करनी होगी। 5- जो दरें प्रस्तुत की जाये वो जीएसटी सहित प्रस्तुत की जायेंगी। 6- सामग्री की आपूर्ति सचिव ग्राम पंचायत या ग्राम प्रधान के आदेश पर की जायेगी। 7- सामग्री की मात्रा घटाई या बढ़ाई जा सकती है। 8- प्रस्तुत दरें पी0डब्लू0डी0 द्वारा स्वीकृत दर से अधिक मान्य नहीं होगा। 9- आपूर्तिकर्ता का आयकर देना अनिवार्य है। 10- ग्राम पंचायत के ग्राम प्रधान, सचिव सदस्य वी0डी0ओ0, जिला पंचायत तकनीकी सहायक आदि कर्मचारियों के सगे संबंधी व रिश्तेदार द्वारा दरें प्रस्तुत नहीं की जायेगी। 11- सीमेंट की आपूर्ति हेतु संबंधित के पास डीलरशिप एजेंसी होना अनिवार्य है अन्यथा की दशा में आपूर्तिकर्ताओं को आपूर्ति हेतु खरीदी गई सीमेंट का पक्का बिल प्रस्तुत करना अनिवार्य होगा। 12- निविदा को बिना कारण बताए निरस्त करने का अधिकार ग्राम पंचायत सचिव/ग्राम प्रधान के पास होगा। 13- स्वीकृत आपूर्तिकर्ता का भुगतान तकनीकी सहायक / अवर अभियंता द्वारा सामग्री की गुणवत्ता प्रमाणित होना तथा मापन के उपरांत किया जायेगा, गुणवत्ता खराब होने पर भुगतान नहीं किया जाएगा। 14- धरोहर की धन राशि नगद राष्ट्रीयकृत बैंक के एफ0डी0आर0 एवं एन0एस0सी0/ ड्राफ्ट/ बचत पत्र के रूप में ग्राम पंचायत के नाम बंधक हो संलग्न करना अनिवार्य है। 15- आपूर्ति दर स्वीकृत होने तथा ग्राम पंचायत द्वारा आपूर्ति आदेश देने के बाद 07 दिवस के अंदर सामग्री आपूर्ति ना करने की दशा में धरोहर राशि जप्त कर ली जाएगी। 16- निविदा फार्म ग्राम पंचायत कार्यालय से प्राप्त प्रपत्र जिसका मूल्य 200 रुपये है पर स्वीकार किया जाएगा। 17- आपूर्तिकर्ता द्वारा समय से आपूर्ति न करने पर टेंडर को स्वतः निरस्त कर दिया जाएगा धरोहर धनराशि जप्त कर ली जाएगी। 18- सामग्री आपूर्ति के संबंध में शर्तें व अन्य जानकारी किसी भी कार्य दिवस को ग्राम पंचायत कार्यालय से प्राप्त की जा सकती है।
ग्राम प्रधान
ग्राम पंचायत मुड़ेली
विकास खंड जयसिंहपुर
जनपद-सुल्तानपुर
ग्राम विकास अधिकारी/सचिव
ग्राम पंचायत मुड़ेली
विकास खंड जयसिंहपुर
जनपद-सुल्तानपुर
कार्यालय ग्राम पंचायत-गोपालपुर प्रथम
विकास खंड-जयसिंहपुर, जनपद सुल्तानपुर
पत्रांक : मेमो/ग्रा0पं0/सूचना/2025-26	दिनांक 09/04/2025
निविदा आपूर्ति सूचना
विकास खण्ड जयसिंहपुर के ग्राम पंचायत गोपालपुर प्रथम में महात्मा गांधी राष्ट्रीय ग्रामीण रोजगार गारंटी योजना/राज्य वित्त/पंचम राज्य वित्त/15वां वित्त/केन्द्रीय वित्त स्वच्छ भारत मिशन (ग्रामीण) एस.एल.डब्लू.एम. एवं योजनान्तर्गत वर्ष 2025-26 में स्वीकृति तथा कराये जाने वाले कार्य हेतु प्रथम श्रेणी ईंट, इंटरलाकिंग ईंट, बालू, सीमेन्ट, मौरंग, सरिया, साधारण बालू, पेंट, वायरिंग, पत्थर बोर्ड, ईंट का टुकड़ा, पत्थर की गिट्टी, स्ट्रीट लाइट, ह्यूम पाइप, शौचालय सीट, टाइल्स, दरवाजे, डस्टबिन इंडिया मार्का 2 हैंड पंप, मरम्मत में आने वाले पार्ट्स, निराश्रित पशु आश्रय स्थल, आरो प्लांट ई-रिक्शा (कचरा धुलाई हेतु सप्लाई किट, फॉगिंग मशीन से सम्बन्धित सामग्री आपूर्ति हेतु निविदा आमंत्रित किया जाता है। इच्छुक आपूर्तिकर्ता द्वारा दिनांक 15-04-2025 को अपरान्ह 02:00 बजे तक समस्त आपूर्ति हेतु अपनी निविदा दर तथा वांछित प्रपत्र बंद लिफाफे में ग्राम पंचायत के निविदा बॉक्स में डाली जायेगी। निविदा उसी दिन अपरान्ह 03:00 बजे ग्राम पंचायत कार्यालय में खोली जायेगी। तथा समस्त औपचारिकतायें उसी दिन पूर्ण की जायेगी। धरोहर राशि मूल्य 5000.00 (पांच हजार रूपये) होगी।
नियम एवं शर्ते-
1- जिस आपूर्तिकर्ता की दर सबसे कम होगा उसे ग्राम पंचायत द्वारा कराये जाने वाले कार्य हेतु सूचित किया जाएगा। 2- आपूर्ति कर्ता का सेल्स टैक्स में रजिस्ट्रेशन अनिवार्य है यह आवरण देता हो। प्रमाणित प्रति संलग्न करना अनिवार्य है तथा 3 वर्ष का आवरण क्लीयरेंस संलग्न अनिवार्य है। 3- ग्राम पंचायत सचिव/ग्राम प्रधान द्वारा नामित अधिकारी/कर्मचारियों द्वारा आपूर्तिकर्ताओं की उपस्थिति में टेण्डर खोला जायेगा। 4- सामग्री की आपूर्ति ग्राम पंचायत की परिधि में स्वीकृत दर से निर्धारित कार्यस्थल पर करनी होगी। 5- जो दरें प्रस्तुत की जाये वो जीएसटी सहित प्रस्तुत की जायेंगी। 6- सामग्री की आपूर्ति सचिव ग्राम पंचायत या ग्राम प्रधान के आदेश पर की जायेगी। 7- सामग्री की मात्रा घटाई या बढ़ाई जा सकती है। 8- प्रस्तुत दरें पी0डब्लू0डी0 द्वारा स्वीकृत दर से अधिक मान्य नहीं होगा। 9- आपूर्तिकर्ता का आयकर देना अनिवार्य है। 10- ग्राम पंचायत के ग्राम प्रधान, सचिव सदस्य वी0डी0ओ0, जिला पंचायत तकनीकी सहायक आदि कर्मचारियों के सगे संबंधी व रिश्तेदार द्वारा दरें प्रस्तुत नहीं की जायेगी। 11- सीमेंट की आपूर्ति हेतु संबंधित के पास डीलरशिप एजेंसी होना अनिवार्य है अन्यथा की दशा में आपूर्तिकर्ताओं को आपूर्ति हेतु खरीदी गई सीमेंट का पक्का बिल प्रस्तुत करना अनिवार्य होगा। 12- निविदा को बिना कारण बताए निरस्त करने का अधिकार ग्राम पंचायत सचिव/ग्राम प्रधान के पास होगा। 13- स्वीकृत आपूर्तिकर्ता का भुगतान तकनीकी सहायक / अवर अभियंता द्वारा सामग्री की गुणवत्ता प्रमाणित होना तथा मापन के उपरांत किया जायेगा, गुणवत्ता खराब होने पर भुगतान नहीं किया जाएगा। 14- धरोहर की धन राशि नगद राष्ट्रीयकृत बैंक के एफ0डी0आर0 एवं एन0एस0सी0/ ड्राफ्ट/ बचत पत्र के रूप में ग्राम पंचायत के नाम बंधक हो संलग्न करना अनिवार्य है। 15- आपूर्ति दर स्वीकृत होने तथा ग्राम पंचायत द्वारा आपूर्ति आदेश देने के बाद 07 दिवस के अंदर सामग्री आपूर्ति ना करने की दशा में धरोहर राशि जप्त कर ली जाएगी। 16- निविदा फार्म ग्राम पंचायत कार्यालय से प्राप्त प्रपत्र जिसका मूल्य 200 रुपये है पर स्वीकार किया जाएगा। 17- आपूर्तिकर्ता द्वारा समय से आपूर्ति न करने पर टेंडर को स्वतः निरस्त कर दिया जाएगा धरोहर धनराशि जप्त कर ली जाएगी। 18- सामग्री आपूर्ति के संबंध में शर्तें व अन्य जानकारी किसी भी कार्य दिवस को ग्राम पंचायत कार्यालय से प्राप्त की जा सकती है।
ग्राम प्रधान
ग्राम पंचायत गोपालपुर प्रथम
विकास खंड जयसिंहपुर
जनपद-सुल्तानपुर
ग्राम विकास अधिकारी/सचिव
ग्राम पंचायत गोपालपुर प्रथम
विकास खंड जयसिंहपुर
जनपद-सुल्तानपुर
